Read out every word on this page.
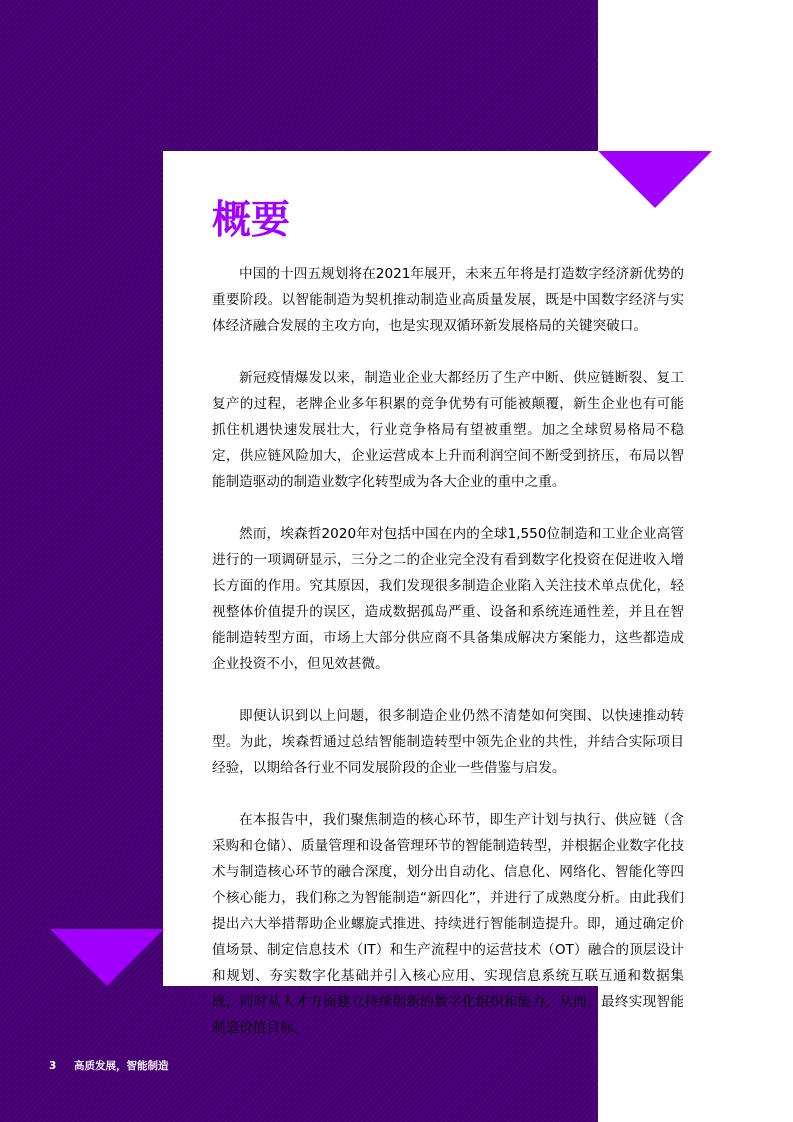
概要

中国的十四五规划将在2021年展开，未来五年将是打造数字经济新优势的重要阶段。以智能制造为契机推动制造业高质量发展，既是中国数字经济与实体经济融合发展的主攻方向，也是实现双循环新发展格局的关键突破口。

新冠疫情爆发以来，制造业企业大都经历了生产中断、供应链断裂、复工复产的过程，老牌企业多年积累的竞争优势有可能被颠覆，新生企业也有可能抓住机遇快速发展壮大，行业竞争格局有望被重塑。加之全球贸易格局不稳定，供应链风险加大，企业运营成本上升而利润空间不断受到挤压，布局以智能制造驱动的制造业数字化转型成为各大企业的重中之重。

然而，埃森哲2020年对包括中国在内的全球1,550位制造和工业企业高管进行的一项调研显示，三分之二的企业完全没有看到数字化投资在促进收入增长方面的作用。究其原因，我们发现很多制造企业陷入关注技术单点优化，轻视整体价值提升的误区，造成数据孤岛严重、设备和系统连通性差，并且在智能制造转型方面，市场上大部分供应商不具备集成解决方案能力，这些都造成企业投资不小，但见效甚微。

即便认识到以上问题，很多制造企业仍然不清楚如何突围、以快速推动转型。为此，埃森哲通过总结智能制造转型中领先企业的共性，并结合实际项目经验，以期给各行业不同发展阶段的企业一些借鉴与启发。

在本报告中，我们聚焦制造的核心环节，即生产计划与执行、供应链（含采购和仓储）、质量管理和设备管理环节的智能制造转型，并根据企业数字化技术与制造核心环节的融合深度，划分出自动化、信息化、网络化、智能化等四个核心能力，我们称之为智能制造“新四化”，并进行了成熟度分析。由此我们提出六大举措帮助企业螺旋式推进、持续进行智能制造提升。即，通过确定价值场景、制定信息技术（IT）和生产流程中的运营技术（OT）融合的顶层设计和规划、夯实数字化基础并引入核心应用、实现信息系统互联互通和数据集成，同时从人才方面建立持续创新的数字化组织和能力，从而，最终实现智能制造价值目标。

3 高质发展，智能制造
